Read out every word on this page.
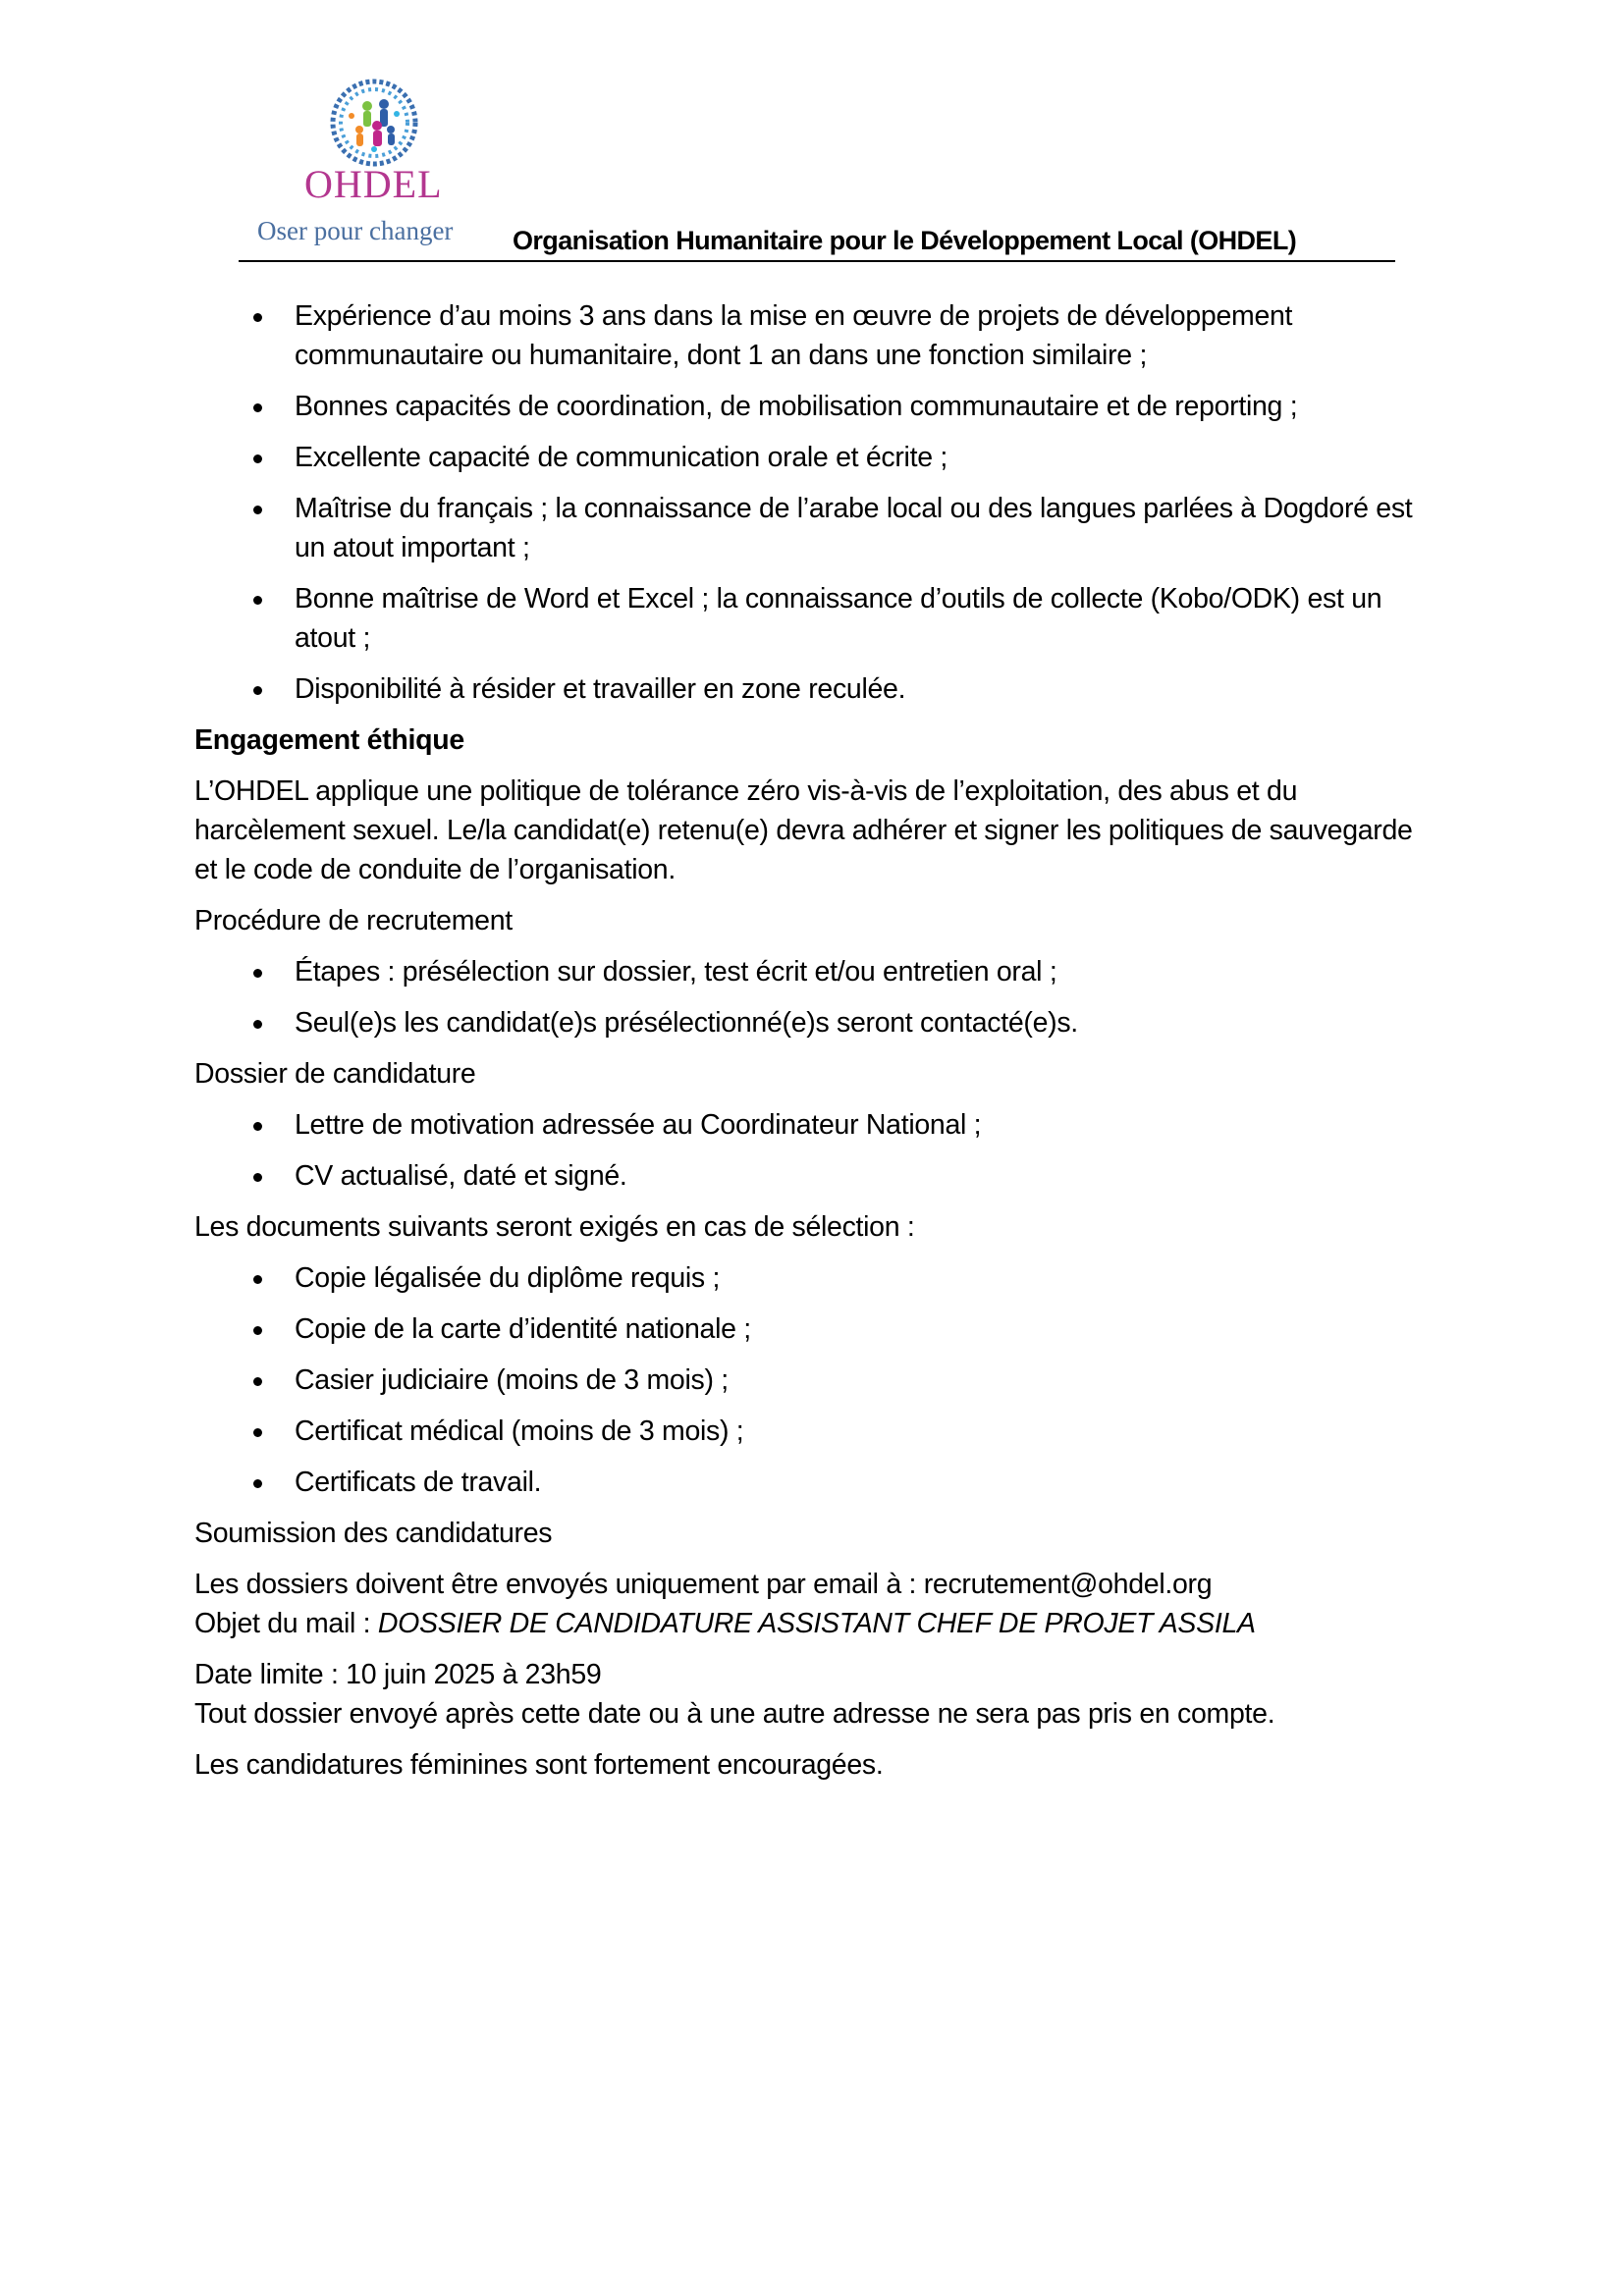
OHDEL
Oser pour changer Organisation Humanitaire pour le Développement Local (OHDEL)
Expérience d’au moins 3 ans dans la mise en œuvre de projets de développement communautaire ou humanitaire, dont 1 an dans une fonction similaire ;
Bonnes capacités de coordination, de mobilisation communautaire et de reporting ;
Excellente capacité de communication orale et écrite ;
Maîtrise du français ; la connaissance de l’arabe local ou des langues parlées à Dogdoré est un atout important ;
Bonne maîtrise de Word et Excel ; la connaissance d’outils de collecte (Kobo/ODK) est un atout ;
Disponibilité à résider et travailler en zone reculée.

Engagement éthique

L’OHDEL applique une politique de tolérance zéro vis-à-vis de l’exploitation, des abus et du harcèlement sexuel. Le/la candidat(e) retenu(e) devra adhérer et signer les politiques de sauvegarde et le code de conduite de l’organisation.

Procédure de recrutement

Étapes : présélection sur dossier, test écrit et/ou entretien oral ;
Seul(e)s les candidat(e)s présélectionné(e)s seront contacté(e)s.

Dossier de candidature

Lettre de motivation adressée au Coordinateur National ;
CV actualisé, daté et signé.

Les documents suivants seront exigés en cas de sélection :

Copie légalisée du diplôme requis ;
Copie de la carte d’identité nationale ;
Casier judiciaire (moins de 3 mois) ;
Certificat médical (moins de 3 mois) ;
Certificats de travail.

Soumission des candidatures

Les dossiers doivent être envoyés uniquement par email à : recrutement@ohdel.org

Objet du mail : DOSSIER DE CANDIDATURE ASSISTANT CHEF DE PROJET ASSILA

Date limite : 10 juin 2025 à 23h59

Tout dossier envoyé après cette date ou à une autre adresse ne sera pas pris en compte.

Les candidatures féminines sont fortement encouragées.
